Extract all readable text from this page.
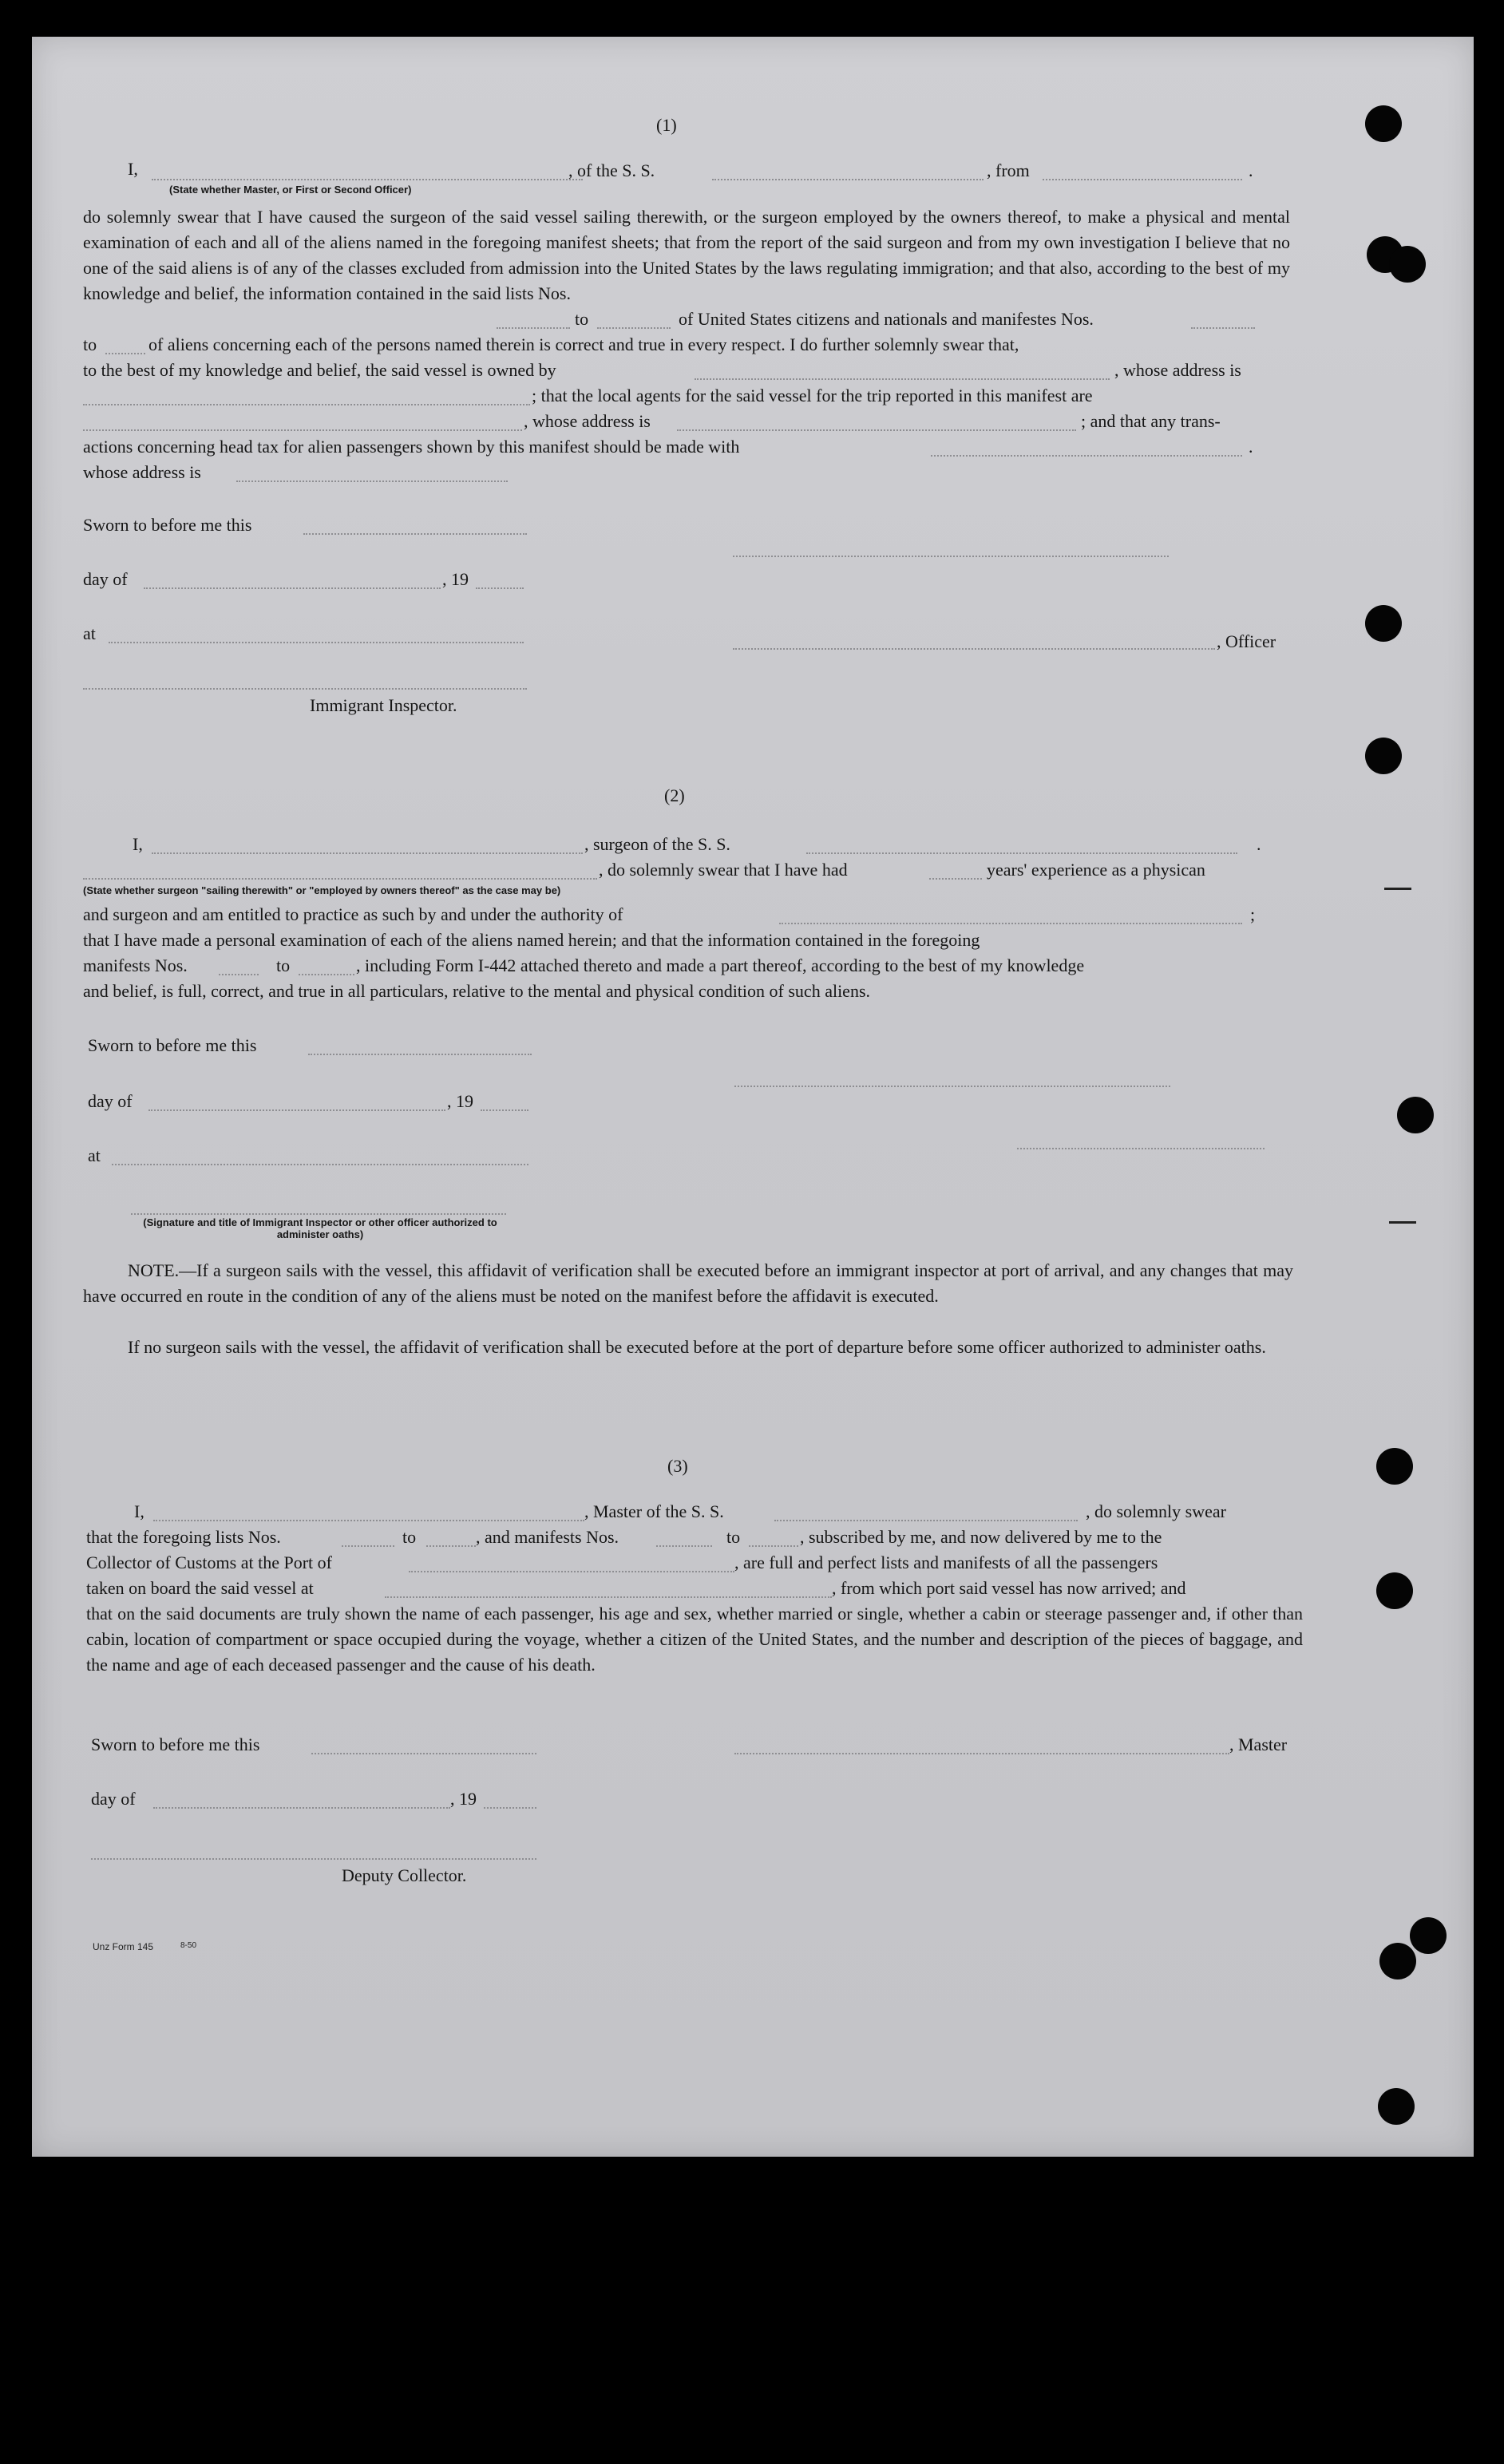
(1)
I,	, of the S. S.	, from	.
(State whether Master, or First or Second Officer)
do solemnly swear that I have caused the surgeon of the said vessel sailing therewith, or the surgeon employed by the owners thereof, to make a physical and mental examination of each and all of the aliens named in the foregoing manifest sheets; that from the report of the said surgeon and from my own investigation I believe that no one of the said aliens is of any of the classes excluded from admission into the United States by the laws regulating immigration; and that also, according to the best of my knowledge and belief, the information contained in the said lists Nos.
to	of United States citizens and nationals and manifestes Nos.
to	of aliens concerning each of the persons named therein is correct and true in every respect. I do further solemnly swear that,
to the best of my knowledge and belief, the said vessel is owned by	, whose address is
; that the local agents for the said vessel for the trip reported in this manifest are
, whose address is	; and that any trans-
actions concerning head tax for alien passengers shown by this manifest should be made with	.
whose address is
Sworn to before me this
day of	, 19
at	, Officer
Immigrant Inspector.
(2)
I,	, surgeon of the S. S.	.
, do solemnly swear that I have had	years' experience as a physican
(State whether surgeon "sailing therewith" or "employed by owners thereof" as the case may be)
and surgeon and am entitled to practice as such by and under the authority of	;
that I have made a personal examination of each of the aliens named herein; and that the information contained in the foregoing
manifests Nos.	to	, including Form I-442 attached thereto and made a part thereof, according to the best of my knowledge
and belief, is full, correct, and true in all particulars, relative to the mental and physical condition of such aliens.
Sworn to before me this
day of	, 19
at
(Signature and title of Immigrant Inspector or other officer authorized to administer oaths)
NOTE.—If a surgeon sails with the vessel, this affidavit of verification shall be executed before an immigrant inspector at port of arrival, and any changes that may have occurred en route in the condition of any of the aliens must be noted on the manifest before the affidavit is executed.
If no surgeon sails with the vessel, the affidavit of verification shall be executed before at the port of departure before some officer authorized to administer oaths.
(3)
I,	, Master of the S. S.	, do solemnly swear
that the foregoing lists Nos.	to	, and manifests Nos.	to	, subscribed by me, and now delivered by me to the
Collector of Customs at the Port of	, are full and perfect lists and manifests of all the passengers
taken on board the said vessel at	, from which port said vessel has now arrived; and
that on the said documents are truly shown the name of each passenger, his age and sex, whether married or single, whether a cabin or steerage passenger and, if other than cabin, location of compartment or space occupied during the voyage, whether a citizen of the United States, and the number and description of the pieces of baggage, and the name and age of each deceased passenger and the cause of his death.
Sworn to before me this	, Master
day of	, 19
Deputy Collector.
Unz Form 145	8-50
